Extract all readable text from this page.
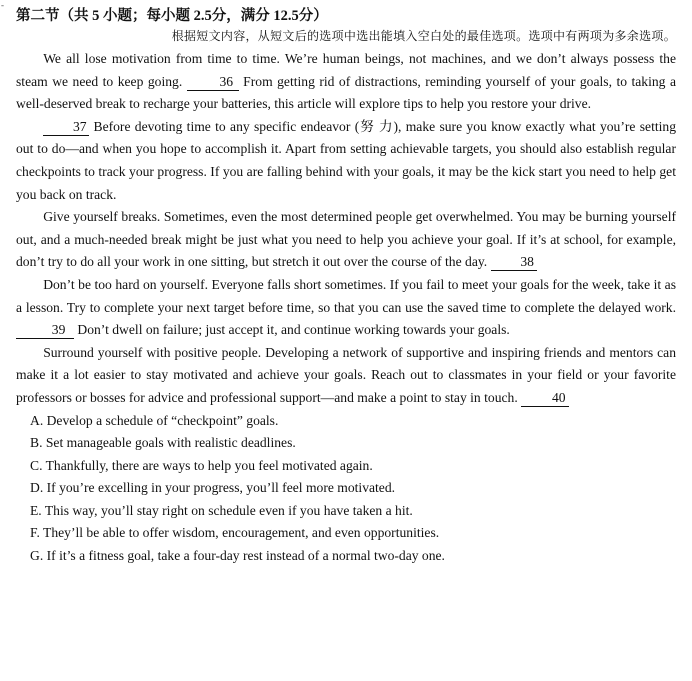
-
第二节（共 5 小题；每小题 2.5分，满分 12.5分）
根据短文内容，从短文后的选项中选出能填入空白处的最佳选项。选项中有两项为多余选项。

We all lose motivation from time to time. We’re human beings, not machines, and we don’t always possess the steam we need to keep going. 36 From getting rid of distractions, reminding yourself of your goals, to taking a well-deserved break to recharge your batteries, this article will explore tips to help you restore your drive.

37 Before devoting time to any specific endeavor (努 力), make sure you know exactly what you’re setting out to do—and when you hope to accomplish it. Apart from setting achievable targets, you should also establish regular checkpoints to track your progress. If you are falling behind with your goals, it may be the kick start you need to help get you back on track.

Give yourself breaks. Sometimes, even the most determined people get overwhelmed. You may be burning yourself out, and a much-needed break might be just what you need to help you achieve your goal. If it’s at school, for example, don’t try to do all your work in one sitting, but stretch it out over the course of the day. 38

Don’t be too hard on yourself. Everyone falls short sometimes. If you fail to meet your goals for the week, take it as a lesson. Try to complete your next target before time, so that you can use the saved time to complete the delayed work. 39 Don’t dwell on failure; just accept it, and continue working towards your goals.

Surround yourself with positive people. Developing a network of supportive and inspiring friends and mentors can make it a lot easier to stay motivated and achieve your goals. Reach out to classmates in your field or your favorite professors or bosses for advice and professional support—and make a point to stay in touch. 40

A. Develop a schedule of “checkpoint” goals.
B. Set manageable goals with realistic deadlines.
C. Thankfully, there are ways to help you feel motivated again.
D. If you’re excelling in your progress, you’ll feel more motivated.
E. This way, you’ll stay right on schedule even if you have taken a hit.
F. They’ll be able to offer wisdom, encouragement, and even opportunities.
G. If it’s a fitness goal, take a four-day rest instead of a normal two-day one.
